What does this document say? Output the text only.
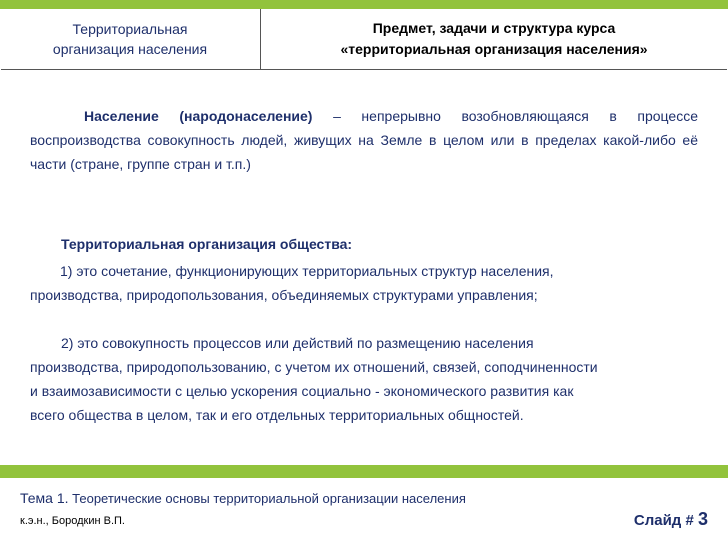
Территориальная
организация населения
Предмет, задачи и структура курса
«территориальная организация населения»

Население (народонаселение) – непрерывно возобновляющаяся в процессе воспроизводства совокупность людей, живущих на Земле в целом или в пределах какой-либо её части (стране, группе стран и т.п.)

Территориальная организация общества:

1) это сочетание, функционирующих территориальных структур населения,

производства, природопользования, объединяемых структурами управления;

2) это совокупность процессов или действий по размещению населения

производства, природопользованию, с учетом их отношений, связей, соподчиненности

и взаимозависимости с целью ускорения социально - экономического развития как

всего общества в целом, так и его отдельных территориальных общностей.

Тема 1. Теоретические основы территориальной организации населения
к.э.н., Бородкин В.П.	Слайд # 3
